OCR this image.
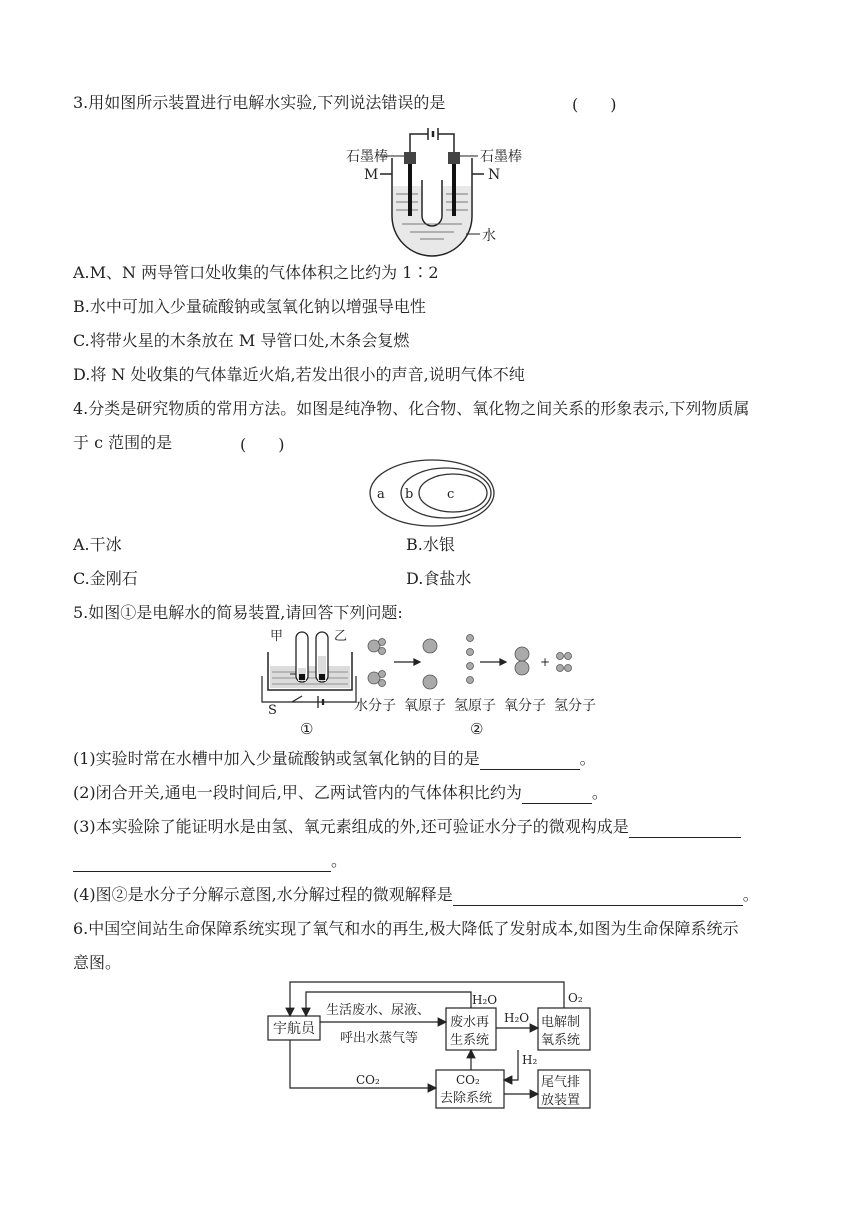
3.用如图所示装置进行电解水实验,下列说法错误的是	(　　)
石墨棒	石墨棒
M	N
水
A.M、N 两导管口处收集的气体体积之比约为 1∶2
B.水中可加入少量硫酸钠或氢氧化钠以增强导电性
C.将带火星的木条放在 M 导管口处,木条会复燃
D.将 N 处收集的气体靠近火焰,若发出很小的声音,说明气体不纯
4.分类是研究物质的常用方法。如图是纯净物、化合物、氧化物之间关系的形象表示,下列物质属
于 c 范围的是	(　　)
a b	c
A.干冰	B.水银
C.金刚石	D.食盐水
5.如图①是电解水的简易装置,请回答下列问题:
甲	乙
S
①
+
水分子 氧原子 氢原子 氧分子 氢分子
②
(1)实验时常在水槽中加入少量硫酸钠或氢氧化钠的目的是	。
(2)闭合开关,通电一段时间后,甲、乙两试管内的气体体积比约为	。
(3)本实验除了能证明水是由氢、氧元素组成的外,还可验证水分子的微观构成是
。
(4)图②是水分子分解示意图,水分解过程的微观解释是	。
6.中国空间站生命保障系统实现了氧气和水的再生,极大降低了发射成本,如图为生命保障系统示
意图。
宇航员
生活废水、尿液、
呼出水蒸气等
废水再
生系统
H₂O
H₂O 电解制
氧系统
O₂
H₂
CO₂	CO₂
去除系统
尾气排
放装置
